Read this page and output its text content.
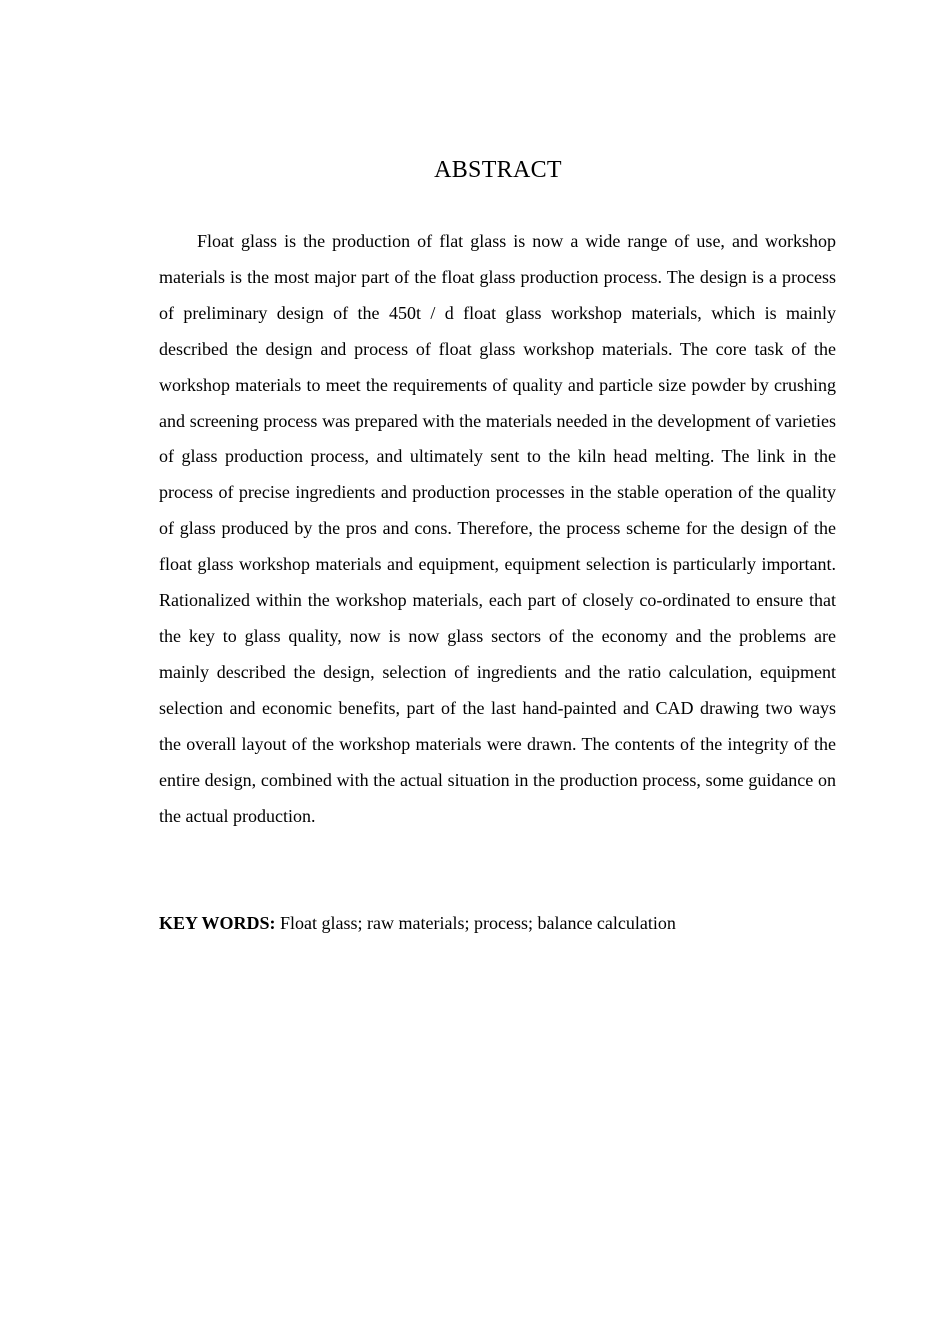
ABSTRACT

Float glass is the production of flat glass is now a wide range of use, and workshop materials is the most major part of the float glass production process. The design is a process of preliminary design of the 450t / d float glass workshop materials, which is mainly described the design and process of float glass workshop materials. The core task of the workshop materials to meet the requirements of quality and particle size powder by crushing and screening process was prepared with the materials needed in the development of varieties of glass production process, and ultimately sent to the kiln head melting. The link in the process of precise ingredients and production processes in the stable operation of the quality of glass produced by the pros and cons. Therefore, the process scheme for the design of the float glass workshop materials and equipment, equipment selection is particularly important. Rationalized within the workshop materials, each part of closely co-ordinated to ensure that the key to glass quality, now is now glass sectors of the economy and the problems are mainly described the design, selection of ingredients and the ratio calculation, equipment selection and economic benefits, part of the last hand-painted and CAD drawing two ways the overall layout of the workshop materials were drawn. The contents of the integrity of the entire design, combined with the actual situation in the production process, some guidance on the actual production.

KEY WORDS: Float glass; raw materials; process; balance calculation
